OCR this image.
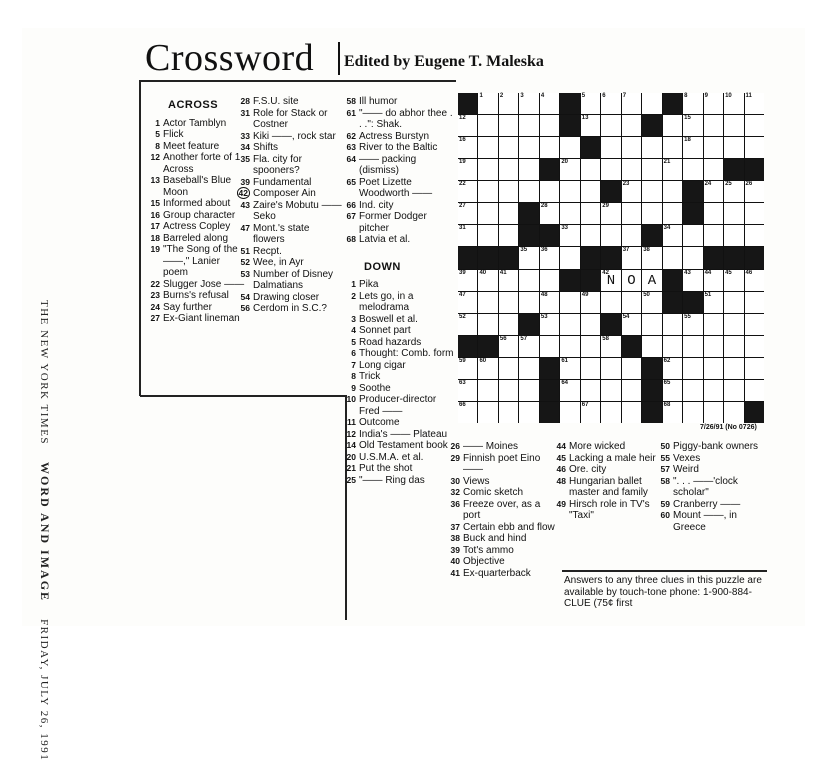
THE NEW YORK TIMES    WORD AND IMAGE    FRIDAY, JULY 26, 1991
Crossword Edited by Eugene T. Maleska
ACROSS
1 Actor Tamblyn
5 Flick
8 Meet feature
12 Another forte of 1 Across
13 Baseball's Blue Moon
15 Informed about
16 Group character
17 Actress Copley
18 Barreled along
19 "The Song of the ——," Lanier poem
22 Slugger Jose ——
23 Burns's refusal
24 Say further
27 Ex-Giant lineman
28 F.S.U. site
31 Role for Stack or Costner
33 Kiki ——, rock star
34 Shifts
35 Fla. city for spooners?
39 Fundamental
42 Composer Ain
43 Zaire's Mobutu —— Seko
47 Mont.'s state flowers
51 Recpt.
52 Wee, in Ayr
53 Number of Disney Dalmatians
54 Drawing closer
56 Cerdom in S.C.?
58 Ill humor
61 "—— do abhor thee . . .": Shak.
62 Actress Burstyn
63 River to the Baltic
64 —— packing (dismiss)
65 Poet Lizette Woodworth ——
66 Ind. city
67 Former Dodger pitcher
68 Latvia et al.
DOWN
1 Pika
2 Lets go, in a melodrama
3 Boswell et al.
4 Sonnet part
5 Road hazards
6 Thought: Comb. form
7 Long cigar
8 Trick
9 Soothe
10 Producer-director Fred ——
11 Outcome
12 India's —— Plateau
14 Old Testament book
20 U.S.M.A. et al.
21 Put the shot
25 "—— Ring das
26 —— Moines
29 Finnish poet Eino ——
30 Views
32 Comic sketch
36 Freeze over, as a port
37 Certain ebb and flow
38 Buck and hind
39 Tot's ammo
40 Objective
41 Ex-quarterback
44 More wicked
45 Lacking a male heir
46 Ore. city
48 Hungarian ballet master and family
49 Hirsch role in TV's "Taxi"
50 Piggy-bank owners
55 Vexes
57 Weird
58 ". . . ——'clock scholar"
59 Cranberry ——
60 Mount ——, in Greece
Answers to any three clues in this puzzle are available by touch-tone phone: 1-900-884-CLUE (75¢ first
1	2	3	4	5	6	7	8	9	10 11
12	13	15
16	18
19	20	21
22	23	24 25 26
27	28	29
31	33	34
35 36	37 38
39 40 41	42
N O A	43 44 45 46
47	48	49	50	51
52	53	54	55
56 57	58
59 60	61	62
63	64	65
66	67	68
7/26/91 (No 0726)
